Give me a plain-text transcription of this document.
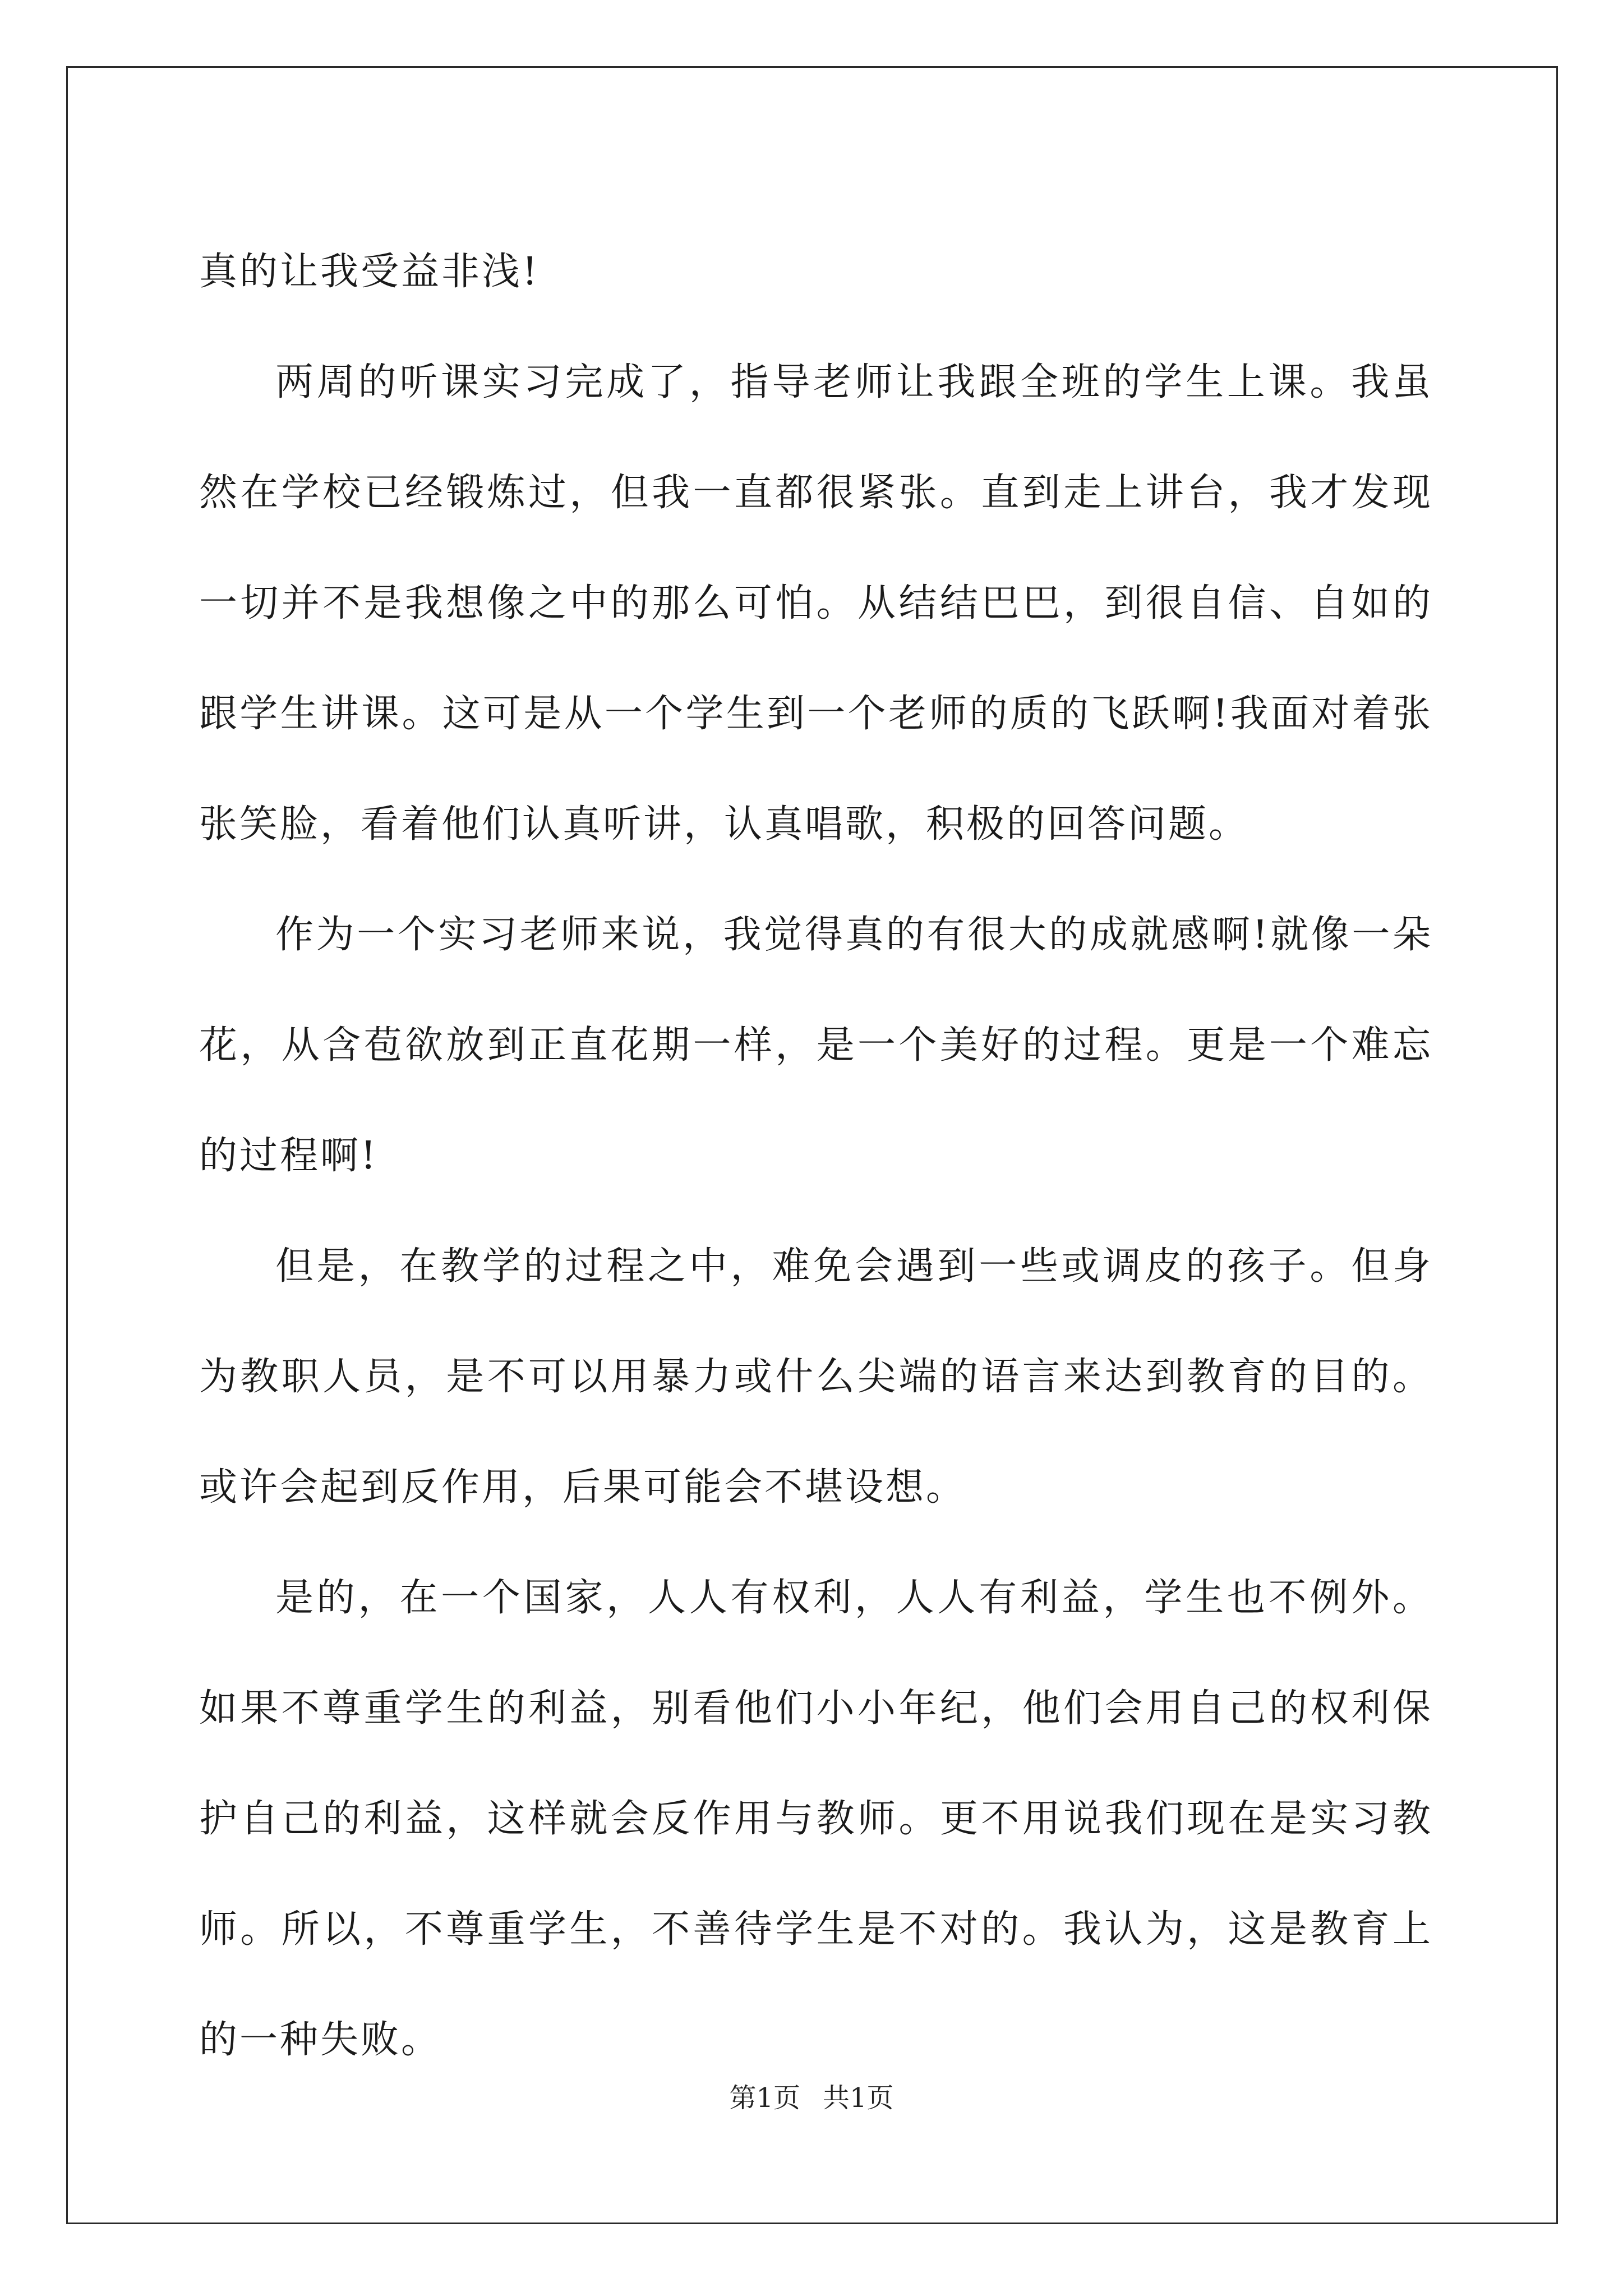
真的让我受益非浅!

两周的听课实习完成了，指导老师让我跟全班的学生上课。我虽然在学校已经锻炼过，但我一直都很紧张。直到走上讲台，我才发现一切并不是我想像之中的那么可怕。从结结巴巴，到很自信、自如的跟学生讲课。这可是从一个学生到一个老师的质的飞跃啊!我面对着张张笑脸，看着他们认真听讲，认真唱歌，积极的回答问题。

作为一个实习老师来说，我觉得真的有很大的成就感啊!就像一朵花，从含苞欲放到正直花期一样，是一个美好的过程。更是一个难忘的过程啊!

但是，在教学的过程之中，难免会遇到一些或调皮的孩子。但身为教职人员，是不可以用暴力或什么尖端的语言来达到教育的目的。或许会起到反作用，后果可能会不堪设想。

是的，在一个国家，人人有权利，人人有利益，学生也不例外。如果不尊重学生的利益，别看他们小小年纪，他们会用自己的权利保护自己的利益，这样就会反作用与教师。更不用说我们现在是实习教师。所以，不尊重学生，不善待学生是不对的。我认为，这是教育上的一种失败。

第1页 共1页
